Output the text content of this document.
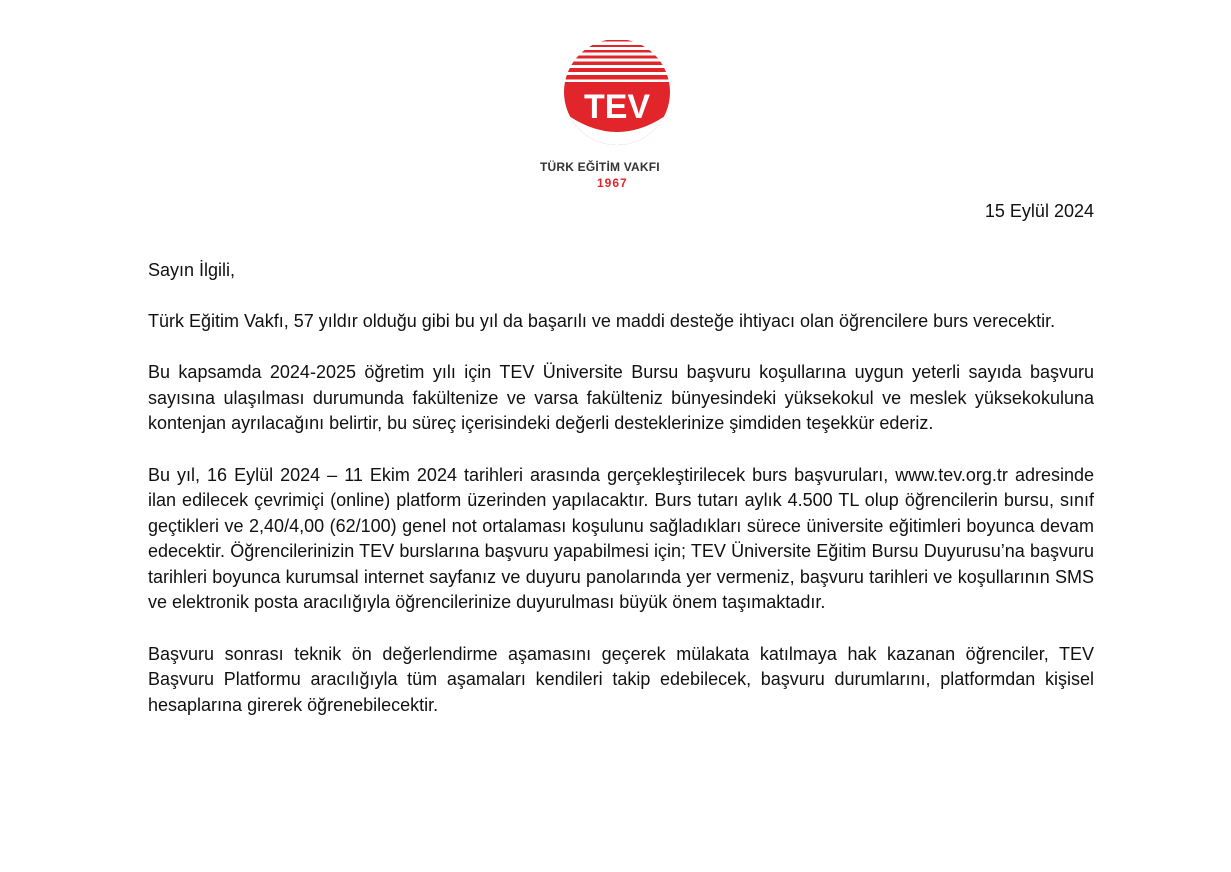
TEV
TÜRK EĞİTİM VAKFI
1967
15 Eylül 2024

Sayın İlgili,

Türk Eğitim Vakfı, 57 yıldır olduğu gibi bu yıl da başarılı ve maddi desteğe ihtiyacı olan öğrencilere burs verecektir.

Bu kapsamda 2024-2025 öğretim yılı için TEV Üniversite Bursu başvuru koşullarına uygun yeterli sayıda başvuru sayısına ulaşılması durumunda fakültenize ve varsa fakülteniz bünyesindeki yüksekokul ve meslek yüksekokuluna kontenjan ayrılacağını belirtir, bu süreç içerisindeki değerli desteklerinize şimdiden teşekkür ederiz.

Bu yıl, 16 Eylül 2024 – 11 Ekim 2024 tarihleri arasında gerçekleştirilecek burs başvuruları, www.tev.org.tr adresinde ilan edilecek çevrimiçi (online) platform üzerinden yapılacaktır. Burs tutarı aylık 4.500 TL olup öğrencilerin bursu, sınıf geçtikleri ve 2,40/4,00 (62/100) genel not ortalaması koşulunu sağladıkları sürece üniversite eğitimleri boyunca devam edecektir. Öğrencilerinizin TEV burslarına başvuru yapabilmesi için; TEV Üniversite Eğitim Bursu Duyurusu’na başvuru tarihleri boyunca kurumsal internet sayfanız ve duyuru panolarında yer vermeniz, başvuru tarihleri ve koşullarının SMS ve elektronik posta aracılığıyla öğrencilerinize duyurulması büyük önem taşımaktadır.

Başvuru sonrası teknik ön değerlendirme aşamasını geçerek mülakata katılmaya hak kazanan öğrenciler, TEV Başvuru Platformu aracılığıyla tüm aşamaları kendileri takip edebilecek, başvuru durumlarını, platformdan kişisel hesaplarına girerek öğrenebilecektir.
